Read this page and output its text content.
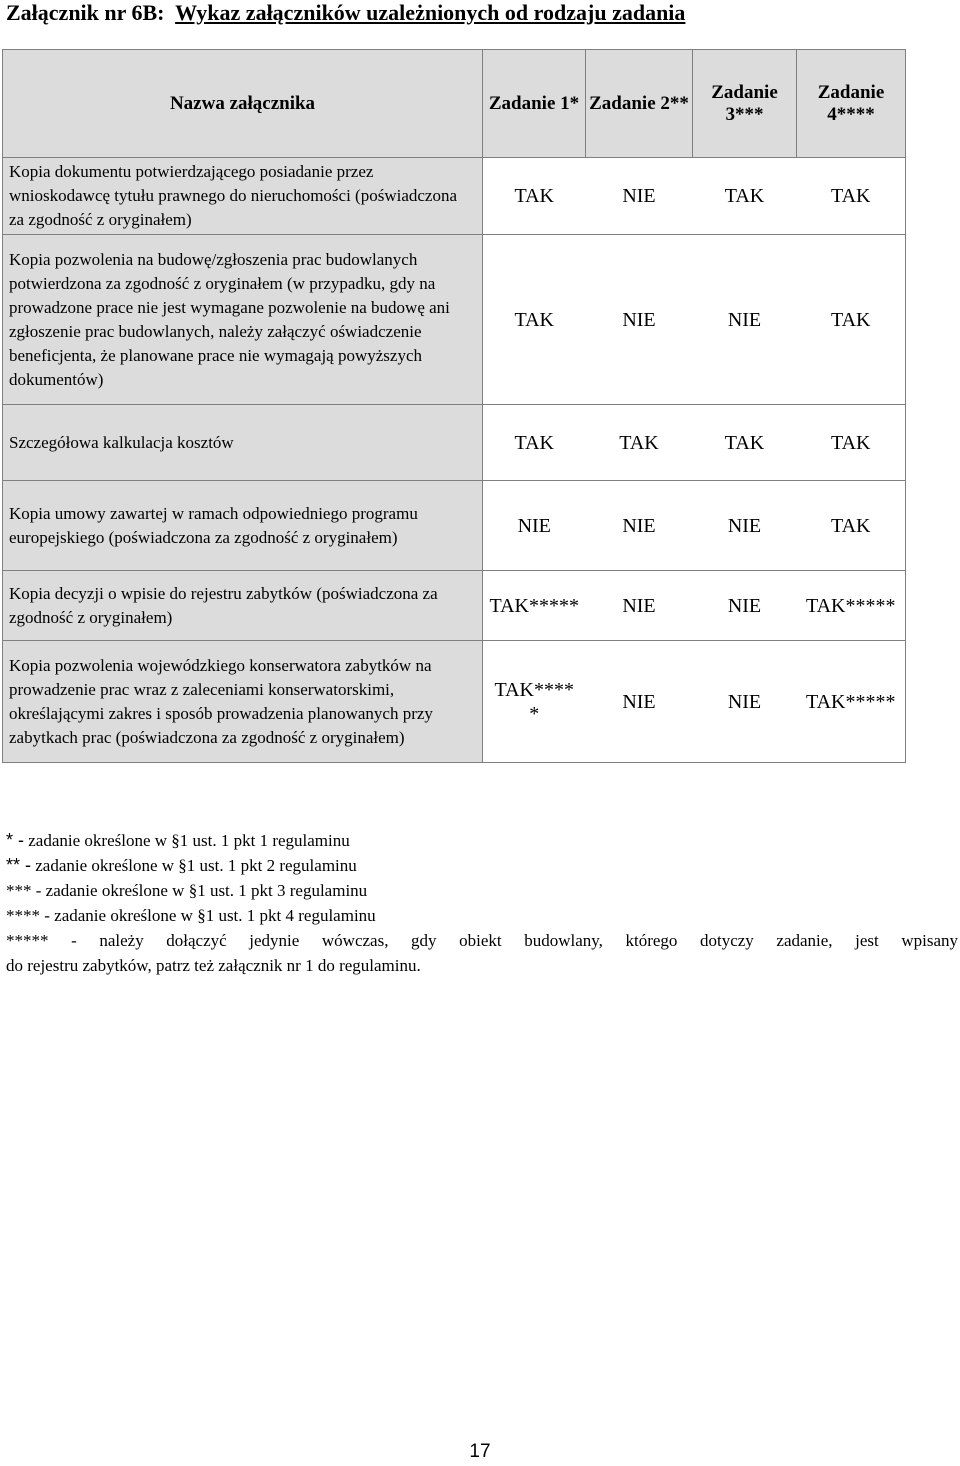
Załącznik nr 6B: Wykaz załączników uzależnionych od rodzaju zadania
Nazwa załącznika	Zadanie 1*	Zadanie 2**	Zadanie 3***	Zadanie 4****
Kopia dokumentu potwierdzającego posiadanie przez wnioskodawcę tytułu prawnego do nieruchomości (poświadczona za zgodność z oryginałem)	TAK	NIE	TAK	TAK
Kopia pozwolenia na budowę/zgłoszenia prac budowlanych potwierdzona za zgodność z oryginałem (w przypadku, gdy na prowadzone prace nie jest wymagane pozwolenie na budowę ani zgłoszenie prac budowlanych, należy załączyć oświadczenie beneficjenta, że planowane prace nie wymagają powyższych dokumentów)	TAK	NIE	NIE	TAK
Szczegółowa kalkulacja kosztów	TAK	TAK	TAK	TAK
Kopia umowy zawartej w ramach odpowiedniego programu europejskiego (poświadczona za zgodność z oryginałem)	NIE	NIE	NIE	TAK
Kopia decyzji o wpisie do rejestru zabytków (poświadczona za zgodność z oryginałem)	TAK*****	NIE	NIE	TAK*****

Kopia pozwolenia wojewódzkiego konserwatora zabytków na prowadzenie prac wraz z zaleceniami konserwatorskimi, określającymi zakres i sposób prowadzenia planowanych przy zabytkach prac (poświadczona za zgodność z oryginałem)	TAK*****	NIE	NIE	TAK*****
* - zadanie określone w §1 ust. 1 pkt 1 regulaminu
** - zadanie określone w §1 ust. 1 pkt 2 regulaminu
*** - zadanie określone w §1 ust. 1 pkt 3 regulaminu
**** - zadanie określone w §1 ust. 1 pkt 4 regulaminu
***** - należy dołączyć jedynie wówczas, gdy obiekt budowlany, którego dotyczy zadanie, jest wpisany
do rejestru zabytków, patrz też załącznik nr 1 do regulaminu.
17
